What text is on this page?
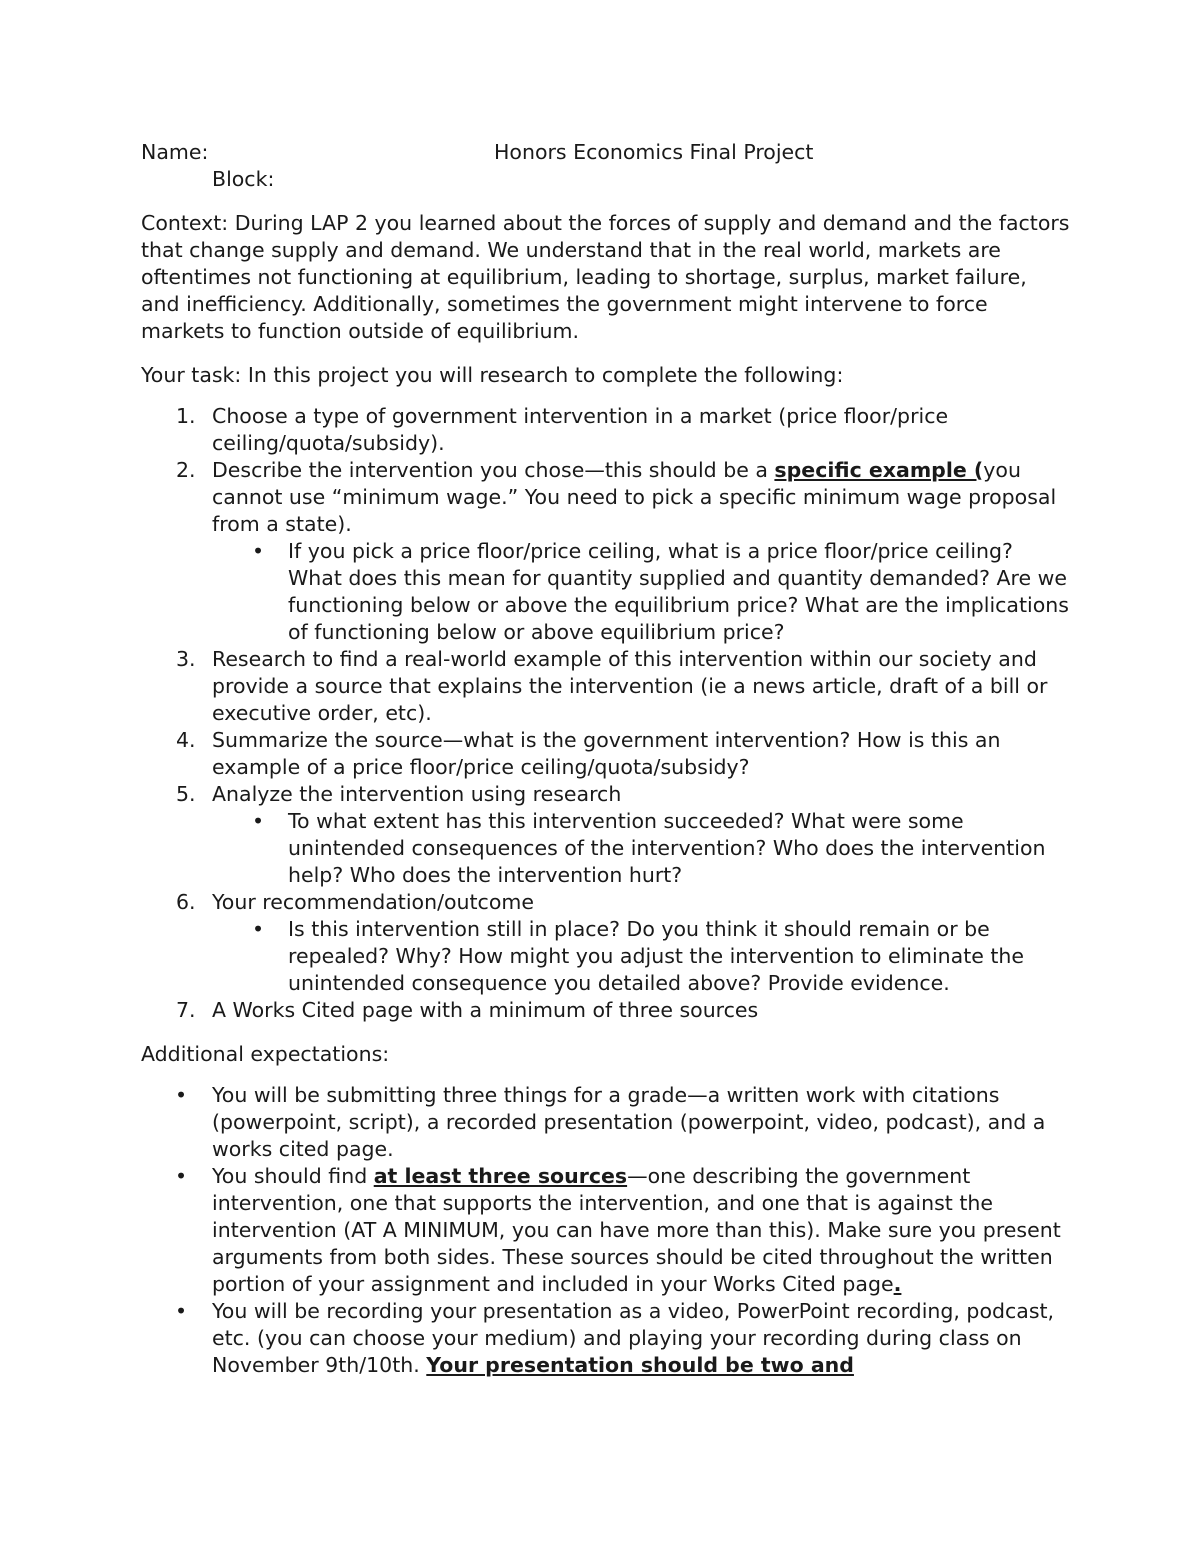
Name:	Honors Economics Final Project
Block:

Context: During LAP 2 you learned about the forces of supply and demand and the factors that change supply and demand. We understand that in the real world, markets are oftentimes not functioning at equilibrium, leading to shortage, surplus, market failure, and inefficiency. Additionally, sometimes the government might intervene to force markets to function outside of equilibrium.

Your task: In this project you will research to complete the following:

1. Choose a type of government intervention in a market (price floor/price ceiling/quota/subsidy).
2. Describe the intervention you chose—this should be a specific example (you cannot use “minimum wage.” You need to pick a specific minimum wage proposal from a state).
• If you pick a price floor/price ceiling, what is a price floor/price ceiling? What does this mean for quantity supplied and quantity demanded? Are we functioning below or above the equilibrium price? What are the implications of functioning below or above equilibrium price?
3. Research to find a real-world example of this intervention within our society and provide a source that explains the intervention (ie a news article, draft of a bill or executive order, etc).
4. Summarize the source—what is the government intervention? How is this an example of a price floor/price ceiling/quota/subsidy?
5. Analyze the intervention using research
• To what extent has this intervention succeeded? What were some unintended consequences of the intervention? Who does the intervention help? Who does the intervention hurt?
6. Your recommendation/outcome
• Is this intervention still in place? Do you think it should remain or be repealed? Why? How might you adjust the intervention to eliminate the unintended consequence you detailed above? Provide evidence.
7. A Works Cited page with a minimum of three sources

Additional expectations:

• You will be submitting three things for a grade—a written work with citations (powerpoint, script), a recorded presentation (powerpoint, video, podcast), and a works cited page.
• You should find at least three sources—one describing the government intervention, one that supports the intervention, and one that is against the intervention (AT A MINIMUM, you can have more than this). Make sure you present arguments from both sides. These sources should be cited throughout the written portion of your assignment and included in your Works Cited page.
• You will be recording your presentation as a video, PowerPoint recording, podcast, etc. (you can choose your medium) and playing your recording during class on November 9th/10th. Your presentation should be two and
